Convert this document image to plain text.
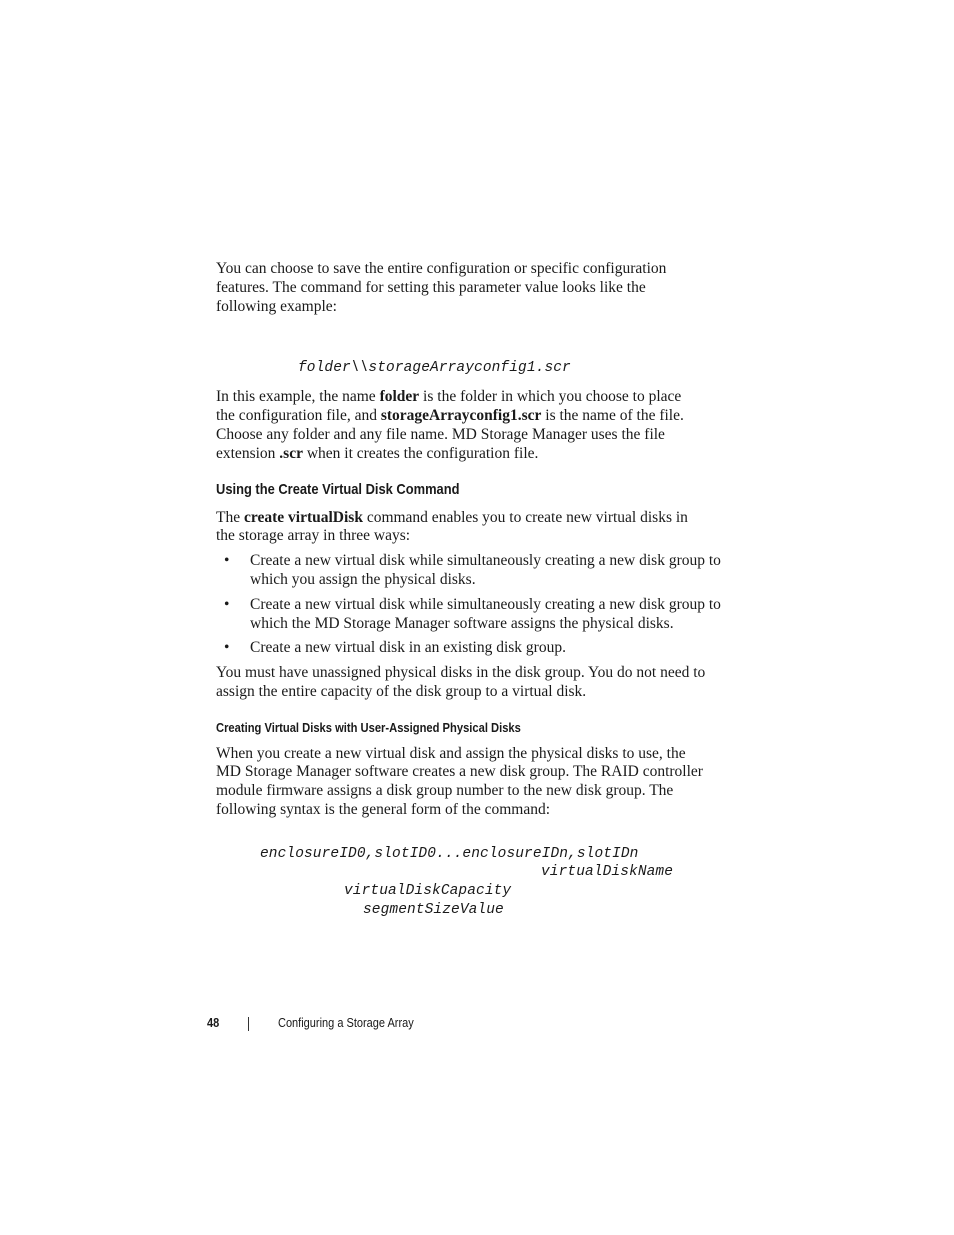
You can choose to save the entire configuration or specific configuration
features. The command for setting this parameter value looks like the
following example:
folder\\storageArrayconfig1.scr
In this example, the name folder is the folder in which you choose to place
the configuration file, and storageArrayconfig1.scr is the name of the file.
Choose any folder and any file name. MD Storage Manager uses the file
extension .scr when it creates the configuration file.
Using the Create Virtual Disk Command
The create virtualDisk command enables you to create new virtual disks in
the storage array in three ways:
• Create a new virtual disk while simultaneously creating a new disk group to
which you assign the physical disks.
• Create a new virtual disk while simultaneously creating a new disk group to
which the MD Storage Manager software assigns the physical disks.
• Create a new virtual disk in an existing disk group.
You must have unassigned physical disks in the disk group. You do not need to
assign the entire capacity of the disk group to a virtual disk.
Creating Virtual Disks with User-Assigned Physical Disks
When you create a new virtual disk and assign the physical disks to use, the
MD Storage Manager software creates a new disk group. The RAID controller
module firmware assigns a disk group number to the new disk group. The
following syntax is the general form of the command:
enclosureID0,slotID0...enclosureIDn,slotIDn
virtualDiskName
virtualDiskCapacity
segmentSizeValue
48	Configuring a Storage Array
